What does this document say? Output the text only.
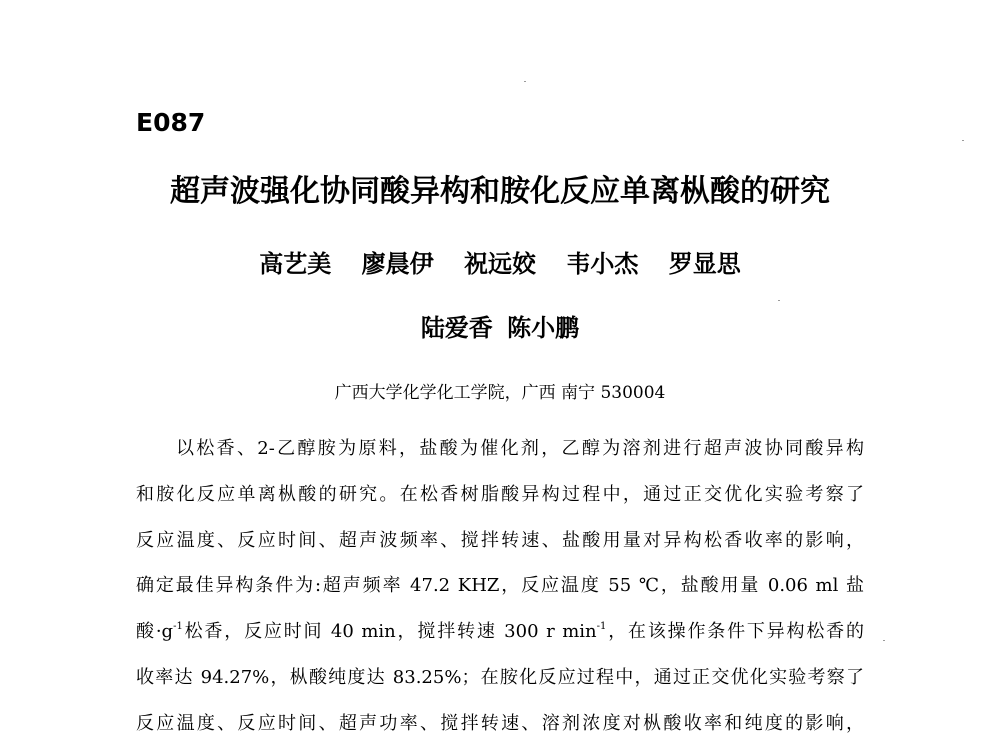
E087
超声波强化协同酸异构和胺化反应单离枞酸的研究
高艺美 廖晨伊 祝远姣 韦小杰 罗显思
陆爱香 陈小鹏
广西大学化学化工学院，广西 南宁 530004
以松香、2-乙醇胺为原料，盐酸为催化剂，乙醇为溶剂进行超声波协同酸异构
和胺化反应单离枞酸的研究。在松香树脂酸异构过程中，通过正交优化实验考察了
反应温度、反应时间、超声波频率、搅拌转速、盐酸用量对异构松香收率的影响，
确定最佳异构条件为:超声频率 47.2 KHZ，反应温度 55 ℃，盐酸用量 0.06 ml 盐
酸$\cdot g^{-1}$松香，反应时间 40 min，搅拌转速 300 r $\min^{-1}$，在该操作条件下异构松香的
收率达 94.27%，枞酸纯度达 83.25%；在胺化反应过程中，通过正交优化实验考察了
反应温度、反应时间、超声功率、搅拌转速、溶剂浓度对枞酸收率和纯度的影响，
